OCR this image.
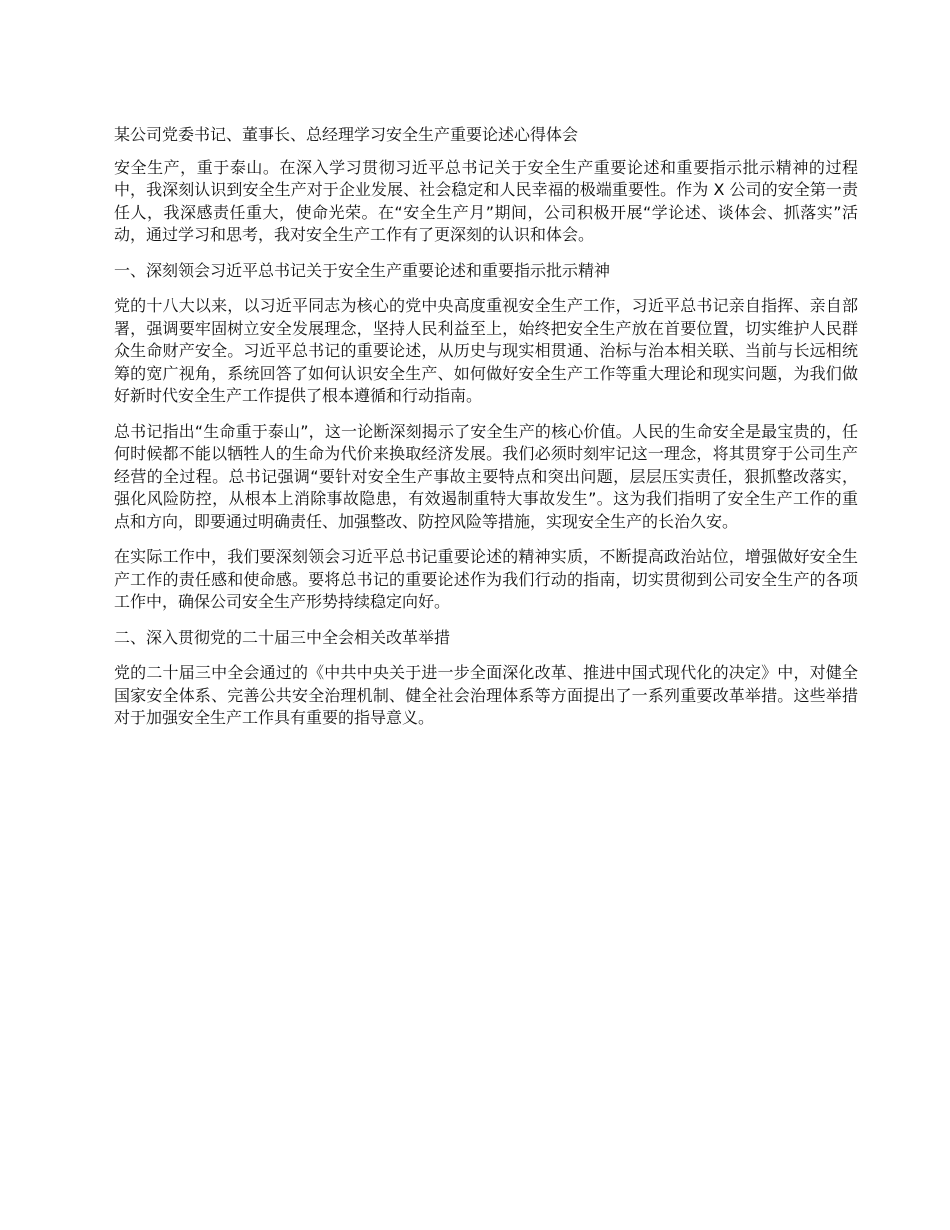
某公司党委书记、董事长、总经理学习安全生产重要论述心得体会
安全生产，重于泰山。在深入学习贯彻习近平总书记关于安全生产重要论述和重要指示批示精神的过程中，我深刻认识到安全生产对于企业发展、社会稳定和人民幸福的极端重要性。作为 X 公司的安全第一责任人，我深感责任重大，使命光荣。在“安全生产月”期间，公司积极开展“学论述、谈体会、抓落实”活动，通过学习和思考，我对安全生产工作有了更深刻的认识和体会。
一、深刻领会习近平总书记关于安全生产重要论述和重要指示批示精神
党的十八大以来，以习近平同志为核心的党中央高度重视安全生产工作，习近平总书记亲自指挥、亲自部署，强调要牢固树立安全发展理念，坚持人民利益至上，始终把安全生产放在首要位置，切实维护人民群众生命财产安全。习近平总书记的重要论述，从历史与现实相贯通、治标与治本相关联、当前与长远相统筹的宽广视角，系统回答了如何认识安全生产、如何做好安全生产工作等重大理论和现实问题，为我们做好新时代安全生产工作提供了根本遵循和行动指南。
总书记指出“生命重于泰山”，这一论断深刻揭示了安全生产的核心价值。人民的生命安全是最宝贵的，任何时候都不能以牺牲人的生命为代价来换取经济发展。我们必须时刻牢记这一理念，将其贯穿于公司生产经营的全过程。总书记强调“要针对安全生产事故主要特点和突出问题，层层压实责任，狠抓整改落实，强化风险防控，从根本上消除事故隐患，有效遏制重特大事故发生”。这为我们指明了安全生产工作的重点和方向，即要通过明确责任、加强整改、防控风险等措施，实现安全生产的长治久安。
在实际工作中，我们要深刻领会习近平总书记重要论述的精神实质，不断提高政治站位，增强做好安全生产工作的责任感和使命感。要将总书记的重要论述作为我们行动的指南，切实贯彻到公司安全生产的各项工作中，确保公司安全生产形势持续稳定向好。
二、深入贯彻党的二十届三中全会相关改革举措
党的二十届三中全会通过的《中共中央关于进一步全面深化改革、推进中国式现代化的决定》中，对健全国家安全体系、完善公共安全治理机制、健全社会治理体系等方面提出了一系列重要改革举措。这些举措对于加强安全生产工作具有重要的指导意义。
